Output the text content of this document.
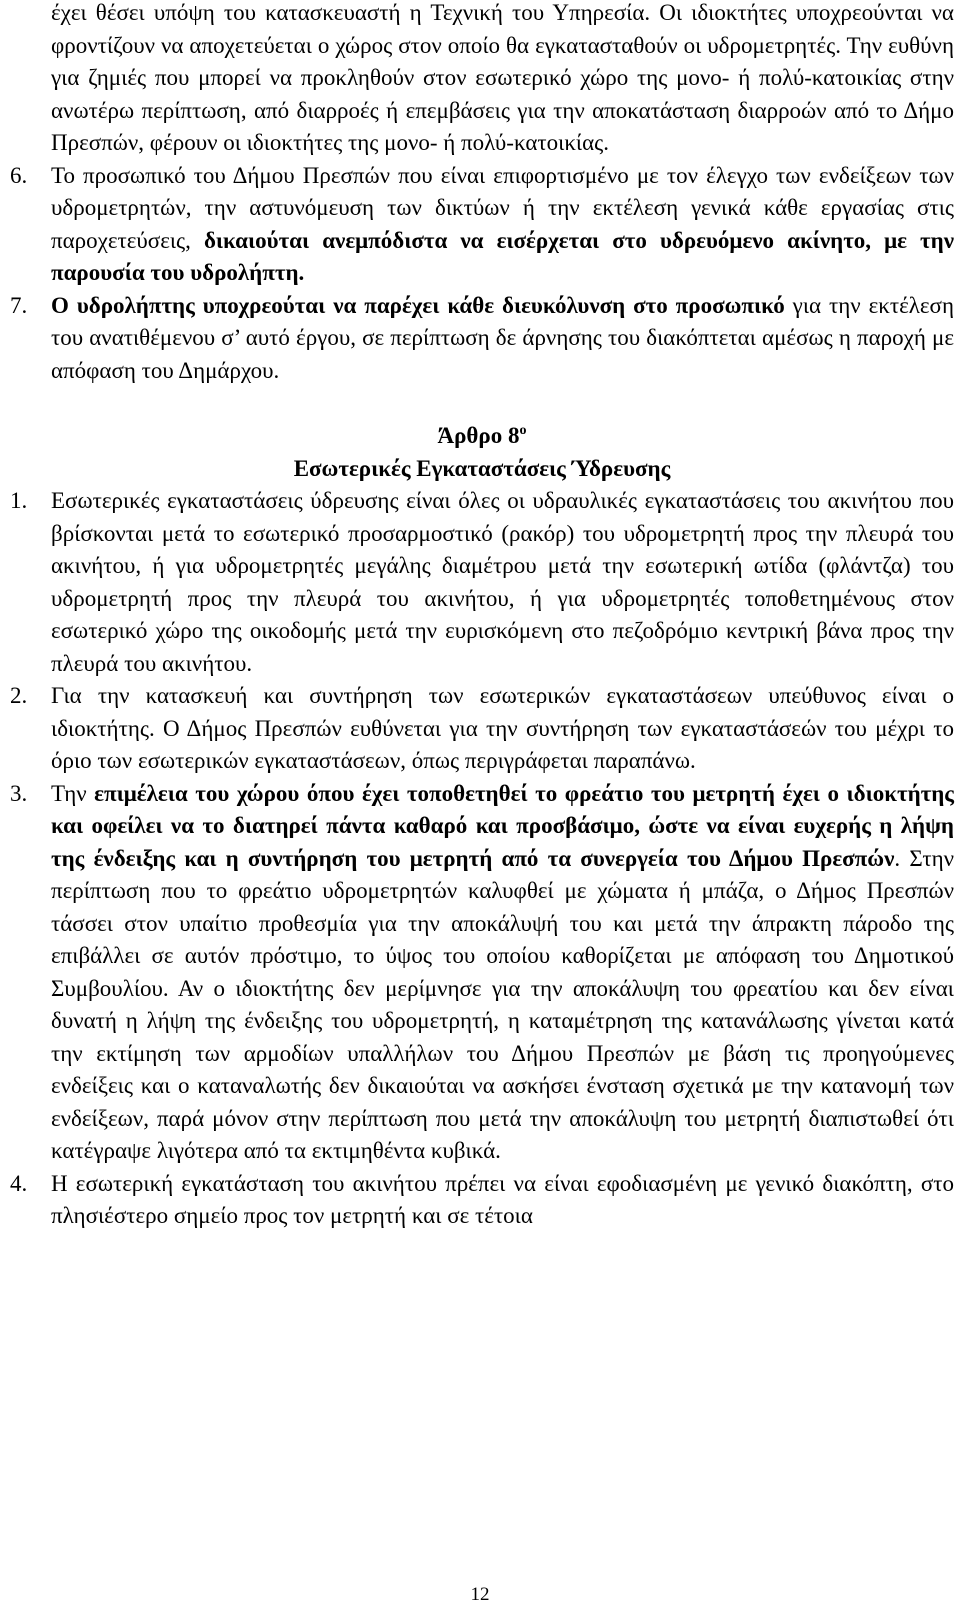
έχει θέσει υπόψη του κατασκευαστή η Τεχνική του Υπηρεσία. Οι ιδιοκτήτες υποχρεούνται να φροντίζουν να αποχετεύεται ο χώρος στον οποίο θα εγκατασταθούν οι υδρομετρητές. Την ευθύνη για ζημιές που μπορεί να προκληθούν στον εσωτερικό χώρο της μονο- ή πολύ-κατοικίας στην ανωτέρω περίπτωση, από διαρροές ή επεμβάσεις για την αποκατάσταση διαρροών από το Δήμο Πρεσπών, φέρουν οι ιδιοκτήτες της μονο- ή πολύ-κατοικίας.

6. Το προσωπικό του Δήμου Πρεσπών που είναι επιφορτισμένο με τον έλεγχο των ενδείξεων των υδρομετρητών, την αστυνόμευση των δικτύων ή την εκτέλεση γενικά κάθε εργασίας στις παροχετεύσεις, δικαιούται ανεμπόδιστα να εισέρχεται στο υδρευόμενο ακίνητο, με την παρουσία του υδρολήπτη.
7. Ο υδρολήπτης υποχρεούται να παρέχει κάθε διευκόλυνση στο προσωπικό για την εκτέλεση του ανατιθέμενου σ’ αυτό έργου, σε περίπτωση δε άρνησης του διακόπτεται αμέσως η παροχή με απόφαση του Δημάρχου.

Άρθρο $8^o$

Εσωτερικές Εγκαταστάσεις Ύδρευσης

1. Εσωτερικές εγκαταστάσεις ύδρευσης είναι όλες οι υδραυλικές εγκαταστάσεις του ακινήτου που βρίσκονται μετά το εσωτερικό προσαρμοστικό (ρακόρ) του υδρομετρητή προς την πλευρά του ακινήτου, ή για υδρομετρητές μεγάλης διαμέτρου μετά την εσωτερική ωτίδα (φλάντζα) του υδρομετρητή προς την πλευρά του ακινήτου, ή για υδρομετρητές τοποθετημένους στον εσωτερικό χώρο της οικοδομής μετά την ευρισκόμενη στο πεζοδρόμιο κεντρική βάνα προς την πλευρά του ακινήτου.
2. Για την κατασκευή και συντήρηση των εσωτερικών εγκαταστάσεων υπεύθυνος είναι ο ιδιοκτήτης. Ο Δήμος Πρεσπών ευθύνεται για την συντήρηση των εγκαταστάσεών του μέχρι το όριο των εσωτερικών εγκαταστάσεων, όπως περιγράφεται παραπάνω.
3. Την επιμέλεια του χώρου όπου έχει τοποθετηθεί το φρεάτιο του μετρητή έχει ο ιδιοκτήτης και οφείλει να το διατηρεί πάντα καθαρό και προσβάσιμο, ώστε να είναι ευχερής η λήψη της ένδειξης και η συντήρηση του μετρητή από τα συνεργεία του Δήμου Πρεσπών. Στην περίπτωση που το φρεάτιο υδρομετρητών καλυφθεί με χώματα ή μπάζα, ο Δήμος Πρεσπών τάσσει στον υπαίτιο προθεσμία για την αποκάλυψή του και μετά την άπρακτη πάροδο της επιβάλλει σε αυτόν πρόστιμο, το ύψος του οποίου καθορίζεται με απόφαση του Δημοτικού Συμβουλίου. Αν ο ιδιοκτήτης δεν μερίμνησε για την αποκάλυψη του φρεατίου και δεν είναι δυνατή η λήψη της ένδειξης του υδρομετρητή, η καταμέτρηση της κατανάλωσης γίνεται κατά την εκτίμηση των αρμοδίων υπαλλήλων του Δήμου Πρεσπών με βάση τις προηγούμενες ενδείξεις και ο καταναλωτής δεν δικαιούται να ασκήσει ένσταση σχετικά με την κατανομή των ενδείξεων, παρά μόνον στην περίπτωση που μετά την αποκάλυψη του μετρητή διαπιστωθεί ότι κατέγραψε λιγότερα από τα εκτιμηθέντα κυβικά.
4. Η εσωτερική εγκατάσταση του ακινήτου πρέπει να είναι εφοδιασμένη με γενικό διακόπτη, στο πλησιέστερο σημείο προς τον μετρητή και σε τέτοια
12
